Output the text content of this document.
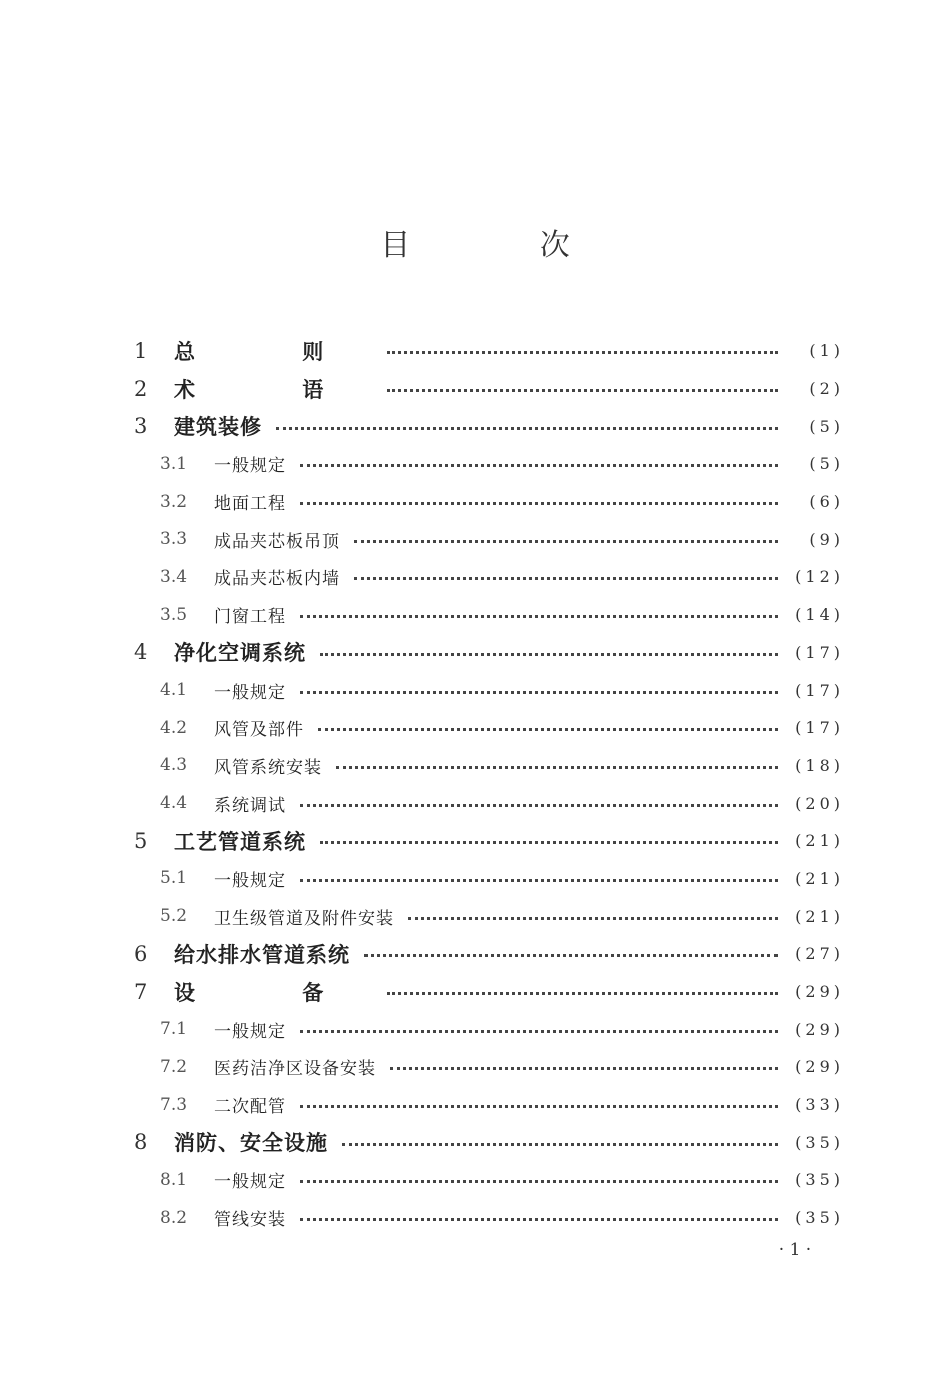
目 次
1	总 则	(1)
2	术 语	(2)
3	建筑装修	(5)
3.1	一般规定	(5)
3.2	地面工程	(6)
3.3	成品夹芯板吊顶	(9)
3.4	成品夹芯板内墙	(12)
3.5	门窗工程	(14)
4	净化空调系统	(17)
4.1	一般规定	(17)
4.2	风管及部件	(17)
4.3	风管系统安装	(18)
4.4	系统调试	(20)
5	工艺管道系统	(21)
5.1	一般规定	(21)
5.2	卫生级管道及附件安装	(21)
6	给水排水管道系统	(27)
7	设 备	(29)
7.1	一般规定	(29)
7.2	医药洁净区设备安装	(29)
7.3	二次配管	(33)
8	消防、安全设施	(35)
8.1	一般规定	(35)
8.2	管线安装	(35)
· 1 ·
